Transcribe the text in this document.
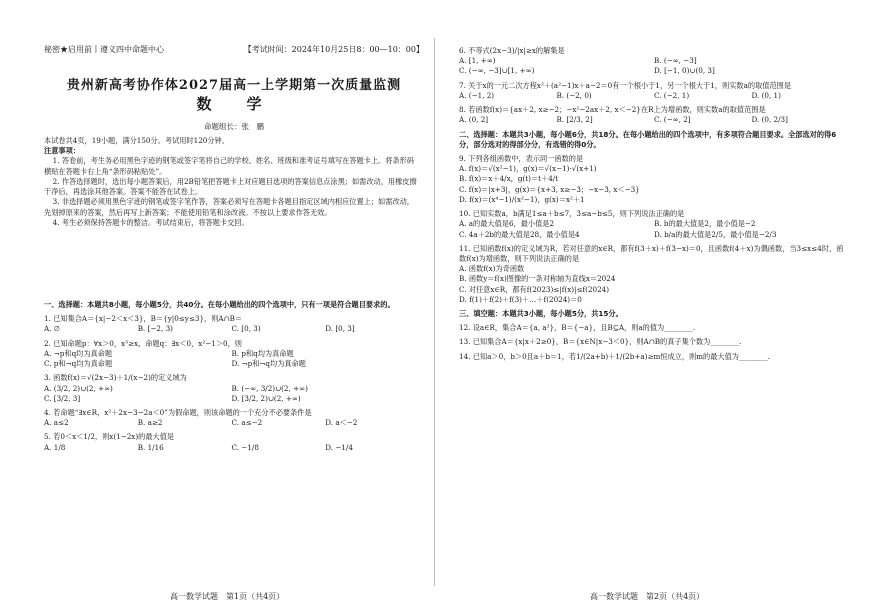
秘密★启用前丨遵义四中命题中心	【考试时间：2024年10月25日8：00—10：00】
贵州新高考协作体2027届高一上学期第一次质量监测
数　学
命题组长：张　鹏
本试卷共4页，19小题，满分150分。考试用时120分钟。
注意事项：
1. 答卷前，考生务必用黑色字迹的钢笔或签字笔将自己的学校、姓名、班级和准考证号填写在答题卡上。将条形码横贴在答题卡右上角“条形码粘贴处”。
2. 作答选择题时，选出每小题答案后，用2B铅笔把答题卡上对应题目选项的答案信息点涂黑；如需改动，用橡皮擦干净后，再选涂其他答案。答案不能答在试卷上。
3. 非选择题必须用黑色字迹的钢笔或签字笔作答，答案必须写在答题卡各题目指定区域内相应位置上；如需改动，先划掉原来的答案，然后再写上新答案；不能使用铅笔和涂改液。不按以上要求作答无效。
4. 考生必须保持答题卡的整洁。考试结束后，将答题卡交回。
一、选择题：本题共8小题，每小题5分，共40分。在每小题给出的四个选项中，只有一项是符合题目要求的。
1. 已知集合A＝{x|−2＜x＜3}，B＝{y|0≤y≤3}，则A∩B＝
A. ∅	B. [−2, 3)	C. [0, 3)	D. [0, 3]
2. 已知命题p：∀x＞0，x³≥x，命题q：∃x＜0，x²−1＞0，则
A. ¬p和q均为真命题	B. p和q均为真命题
C. p和¬q均为真命题	D. ¬p和¬q均为真命题
3. 函数f(x)＝√(2x−3)＋1/(x−2)的定义域为
A. (3/2, 2)∪(2, +∞)	B. (−∞, 3/2)∪(2, +∞)
C. [3/2, 3]	D. [3/2, 2)∪(2, +∞)
4. 若命题“∃x∈R，x²＋2x−3−2a＜0”为假命题，则该命题的一个充分不必要条件是
A. a≤2	B. a≥2	C. a≤−2	D. a＜−2
5. 若0＜x＜1/2，则x(1−2x)的最大值是
A. 1/8	B. 1/16	C. −1/8	D. −1/4
高一数学试题　第1页（共4页）
6. 不等式(2x−3)/|x|≥x的解集是
A. [1, +∞)	B. (−∞, −3]
C. (−∞, −3]∪[1, +∞)	D. [−1, 0)∪(0, 3]
7. 关于x的一元二次方程x²＋(a²−1)x＋a−2＝0有一个根小于1，另一个根大于1，则实数a的取值范围是
A. (−1, 2)	B. (−2, 0)	C. (−2, 1)	D. (0, 1)
8. 若函数f(x)＝{ax＋2, x≥−2；−x²−2ax＋2, x＜−2}在R上为增函数，则实数a的取值范围是
A. (0, 2]	B. [2/3, 2]	C. (−∞, 2]	D. (0, 2/3]
二、选择题：本题共3小题，每小题6分，共18分。在每小题给出的四个选项中，有多项符合题目要求。全部选对的得6分，部分选对的得部分分，有选错的得0分。
9. 下列各组函数中，表示同一函数的是
A. f(x)＝√(x²−1)，g(x)＝√(x−1)·√(x+1)
B. f(x)＝x＋4/x，g(t)＝t＋4/t
C. f(x)＝|x+3|，g(x)＝{x+3, x≥−3；−x−3, x＜−3}
D. f(x)＝(x⁴−1)/(x²−1)，g(x)＝x²＋1
10. 已知实数a，b满足1≤a＋b≤7，3≤a−b≤5，则下列说法正确的是
A. a的最大值是6，最小值是2	B. b的最大值是2，最小值是−2
C. 4a＋2b的最大值是28，最小值是4	D. b/a的最大值是2/5，最小值是−2/3
11. 已知函数f(x)的定义域为R，若对任意的x∈R，都有f(3＋x)＋f(3−x)＝0，且函数f(4＋x)为偶函数，当3≤x≤4时，函数f(x)为增函数，则下列说法正确的是
A. 函数f(x)为奇函数
B. 函数y＝f(x)图像的一条对称轴为直线x＝2024
C. 对任意x∈R，都有f(2023)≤|f(x)|≤f(2024)
D. f(1)＋f(2)＋f(3)＋…＋f(2024)＝0
三、填空题：本题共3小题，每小题5分，共15分。
12. 设a∈R，集合A＝{a, a²}，B＝{−a}，且B⊆A，则a的值为________.
13. 已知集合A＝{x|x＋2≥0}，B＝{x∈N|x−3＜0}，则A∩B的真子集个数为________.
14. 已知a＞0，b＞0且a＋b＝1，若1/(2a+b)＋1/(2b+a)≥m恒成立，则m的最大值为________.
高一数学试题　第2页（共4页）
